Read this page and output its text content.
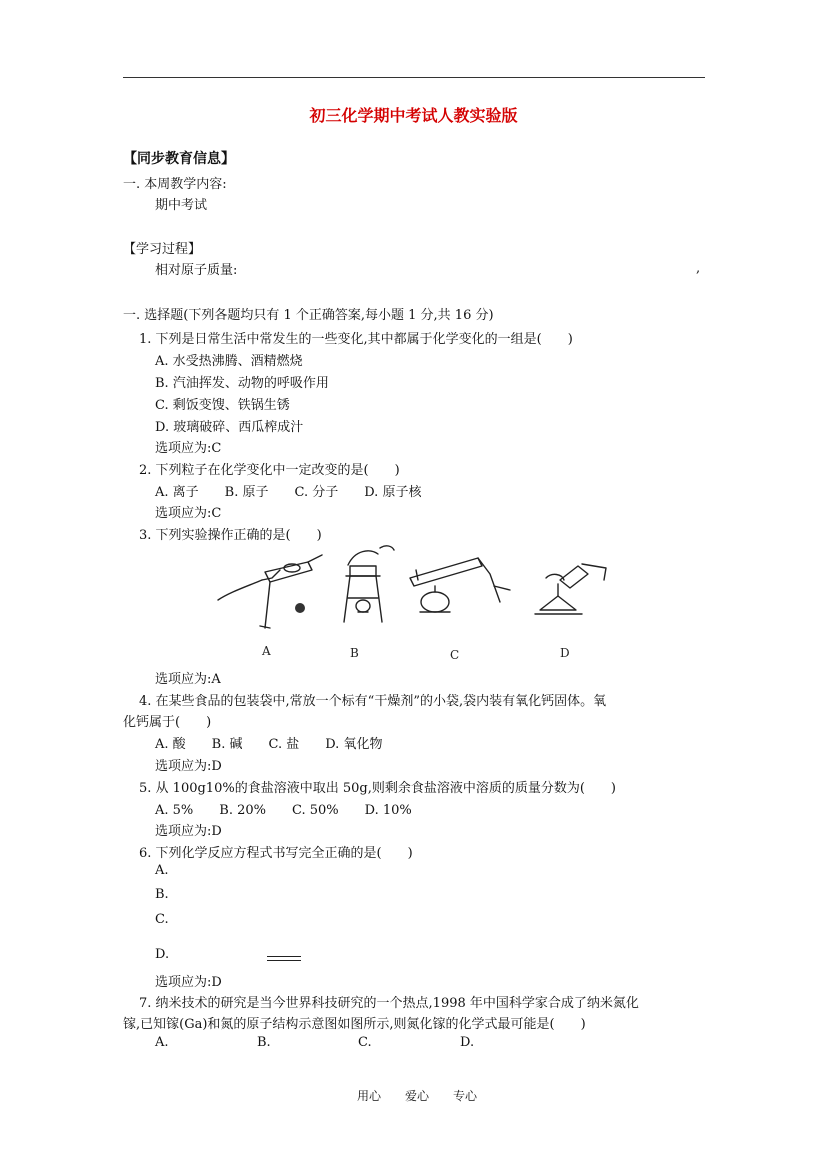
初三化学期中考试人教实验版
【同步教育信息】
一. 本周教学内容:
期中考试
【学习过程】
相对原子质量:	,
一. 选择题(下列各题均只有 1 个正确答案,每小题 1 分,共 16 分)
1. 下列是日常生活中常发生的一些变化,其中都属于化学变化的一组是(　　)
A. 水受热沸腾、酒精燃烧
B. 汽油挥发、动物的呼吸作用
C. 剩饭变馊、铁锅生锈
D. 玻璃破碎、西瓜榨成汁
选项应为:C
2. 下列粒子在化学变化中一定改变的是(　　)
A. 离子　　B. 原子　　C. 分子　　D. 原子核
选项应为:C
3. 下列实验操作正确的是(　　)
A	B	C	D
选项应为:A
4. 在某些食品的包装袋中,常放一个标有“干燥剂”的小袋,袋内装有氧化钙固体。氧
化钙属于(　　)
A. 酸　　B. 碱　　C. 盐　　D. 氧化物
选项应为:D
5. 从 100g10%的食盐溶液中取出 50g,则剩余食盐溶液中溶质的质量分数为(　　)
A. 5%　　B. 20%　　C. 50%　　D. 10%
选项应为:D
6. 下列化学反应方程式书写完全正确的是(　　)
A.
B.
C.
D.
选项应为:D
7. 纳米技术的研究是当今世界科技研究的一个热点,1998 年中国科学家合成了纳米氮化
镓,已知镓(Ga)和氮的原子结构示意图如图所示,则氮化镓的化学式最可能是(　　)
A.	B.	C.	D.
用心　　爱心　　专心
